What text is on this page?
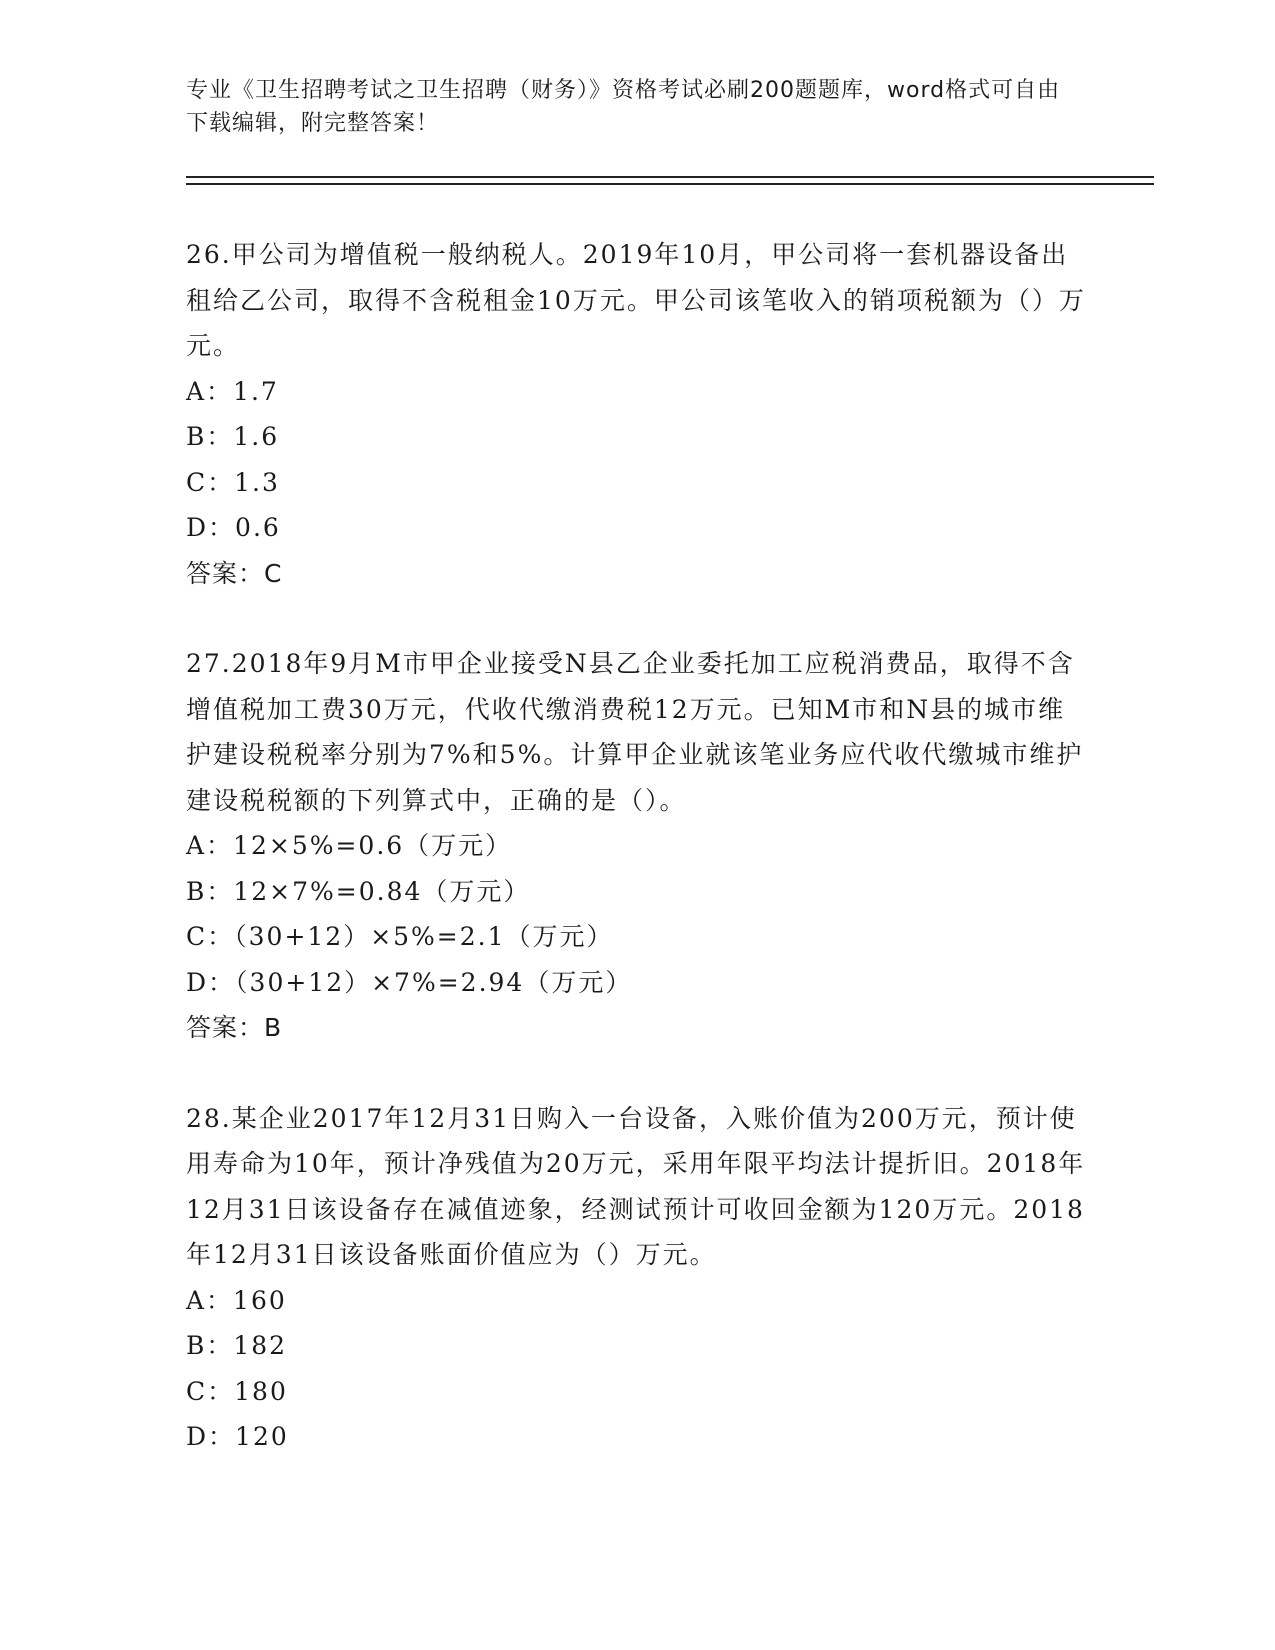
专业《卫生招聘考试之卫生招聘（财务）》资格考试必刷200题题库，word格式可自由下载编辑，附完整答案！

26.甲公司为增值税一般纳税人。2019年10月，甲公司将一套机器设备出租给乙公司，取得不含税租金10万元。甲公司该笔收入的销项税额为（）万元。

A：1.7
B：1.6
C：1.3
D：0.6
答案：C

27.2018年9月M市甲企业接受N县乙企业委托加工应税消费品，取得不含增值税加工费30万元，代收代缴消费税12万元。已知M市和N县的城市维护建设税税率分别为7%和5%。计算甲企业就该笔业务应代收代缴城市维护建设税税额的下列算式中，正确的是（）。

A：12×5%=0.6（万元）
B：12×7%=0.84（万元）
C：（30+12）×5%=2.1（万元）
D：（30+12）×7%=2.94（万元）
答案：B

28.某企业2017年12月31日购入一台设备，入账价值为200万元，预计使用寿命为10年，预计净残值为20万元，采用年限平均法计提折旧。2018年12月31日该设备存在减值迹象，经测试预计可收回金额为120万元。2018年12月31日该设备账面价值应为（）万元。

A：160
B：182
C：180
D：120
